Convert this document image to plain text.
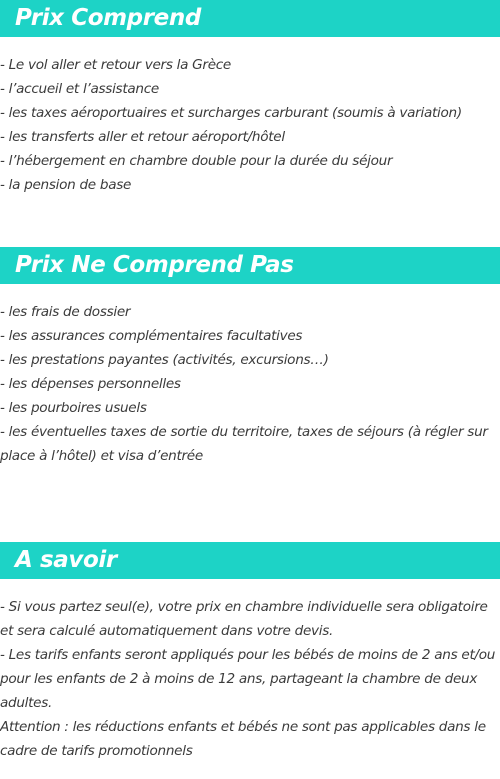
Prix Comprend
- Le vol aller et retour vers la Grèce
- l’accueil et l’assistance
- les taxes aéroportuaires et surcharges carburant (soumis à variation)
- les transferts aller et retour aéroport/hôtel
- l’hébergement en chambre double pour la durée du séjour
- la pension de base
Prix Ne Comprend Pas
- les frais de dossier
- les assurances complémentaires facultatives
- les prestations payantes (activités, excursions…)
- les dépenses personnelles
- les pourboires usuels
- les éventuelles taxes de sortie du territoire, taxes de séjours (à régler sur place à l’hôtel) et visa d’entrée
A savoir
- Si vous partez seul(e), votre prix en chambre individuelle sera obligatoire et sera calculé automatiquement dans votre devis.
- Les tarifs enfants seront appliqués pour les bébés de moins de 2 ans et/ou pour les enfants de 2 à moins de 12 ans, partageant la chambre de deux adultes.
Attention : les réductions enfants et bébés ne sont pas applicables dans le cadre de tarifs promotionnels
